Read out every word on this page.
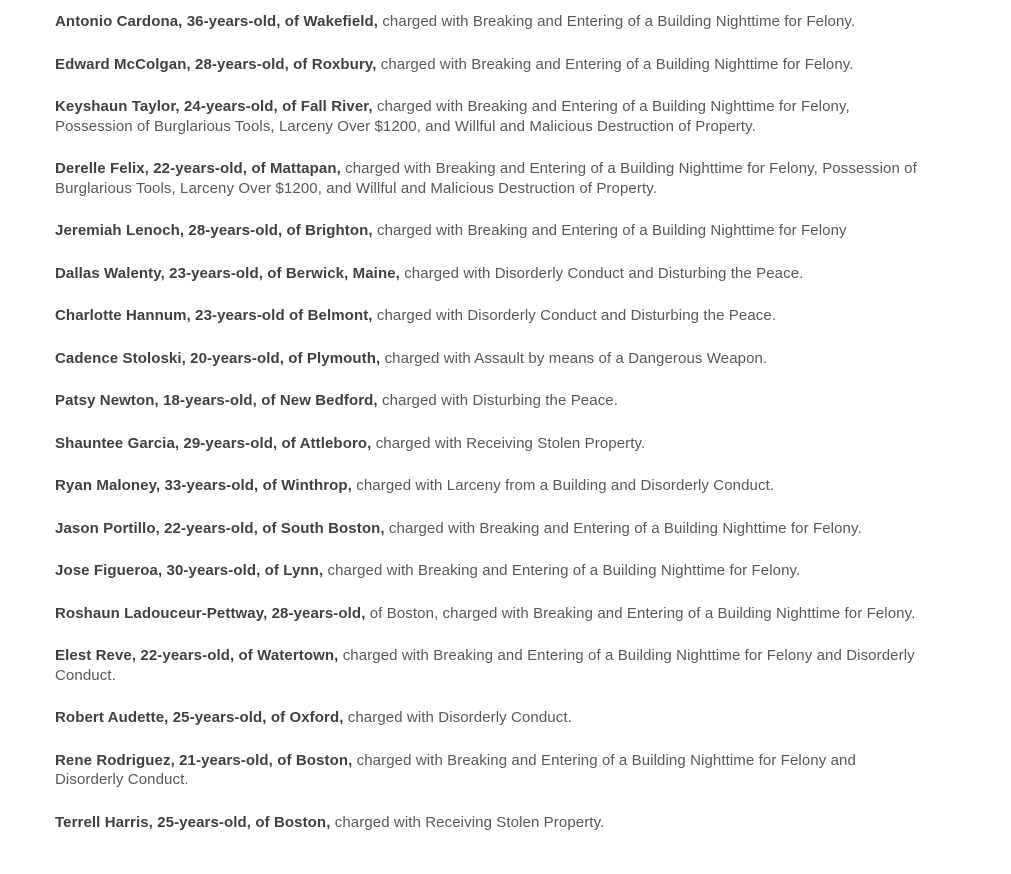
Antonio Cardona, 36-years-old, of Wakefield, charged with Breaking and Entering of a Building Nighttime for Felony.

Edward McColgan, 28-years-old, of Roxbury, charged with Breaking and Entering of a Building Nighttime for Felony.

Keyshaun Taylor, 24-years-old, of Fall River, charged with Breaking and Entering of a Building Nighttime for Felony, Possession of Burglarious Tools, Larceny Over $1200, and Willful and Malicious Destruction of Property.

Derelle Felix, 22-years-old, of Mattapan, charged with Breaking and Entering of a Building Nighttime for Felony, Possession of Burglarious Tools, Larceny Over $1200, and Willful and Malicious Destruction of Property.

Jeremiah Lenoch, 28-years-old, of Brighton, charged with Breaking and Entering of a Building Nighttime for Felony

Dallas Walenty, 23-years-old, of Berwick, Maine, charged with Disorderly Conduct and Disturbing the Peace.

Charlotte Hannum, 23-years-old of Belmont, charged with Disorderly Conduct and Disturbing the Peace.

Cadence Stoloski, 20-years-old, of Plymouth, charged with Assault by means of a Dangerous Weapon.

Patsy Newton, 18-years-old, of New Bedford, charged with Disturbing the Peace.

Shauntee Garcia, 29-years-old, of Attleboro, charged with Receiving Stolen Property.

Ryan Maloney, 33-years-old, of Winthrop, charged with Larceny from a Building and Disorderly Conduct.

Jason Portillo, 22-years-old, of South Boston, charged with Breaking and Entering of a Building Nighttime for Felony.

Jose Figueroa, 30-years-old, of Lynn, charged with Breaking and Entering of a Building Nighttime for Felony.

Roshaun Ladouceur-Pettway, 28-years-old, of Boston, charged with Breaking and Entering of a Building Nighttime for Felony.

Elest Reve, 22-years-old, of Watertown, charged with Breaking and Entering of a Building Nighttime for Felony and Disorderly Conduct.

Robert Audette, 25-years-old, of Oxford, charged with Disorderly Conduct.

Rene Rodriguez, 21-years-old, of Boston, charged with Breaking and Entering of a Building Nighttime for Felony and Disorderly Conduct.

Terrell Harris, 25-years-old, of Boston, charged with Receiving Stolen Property.
